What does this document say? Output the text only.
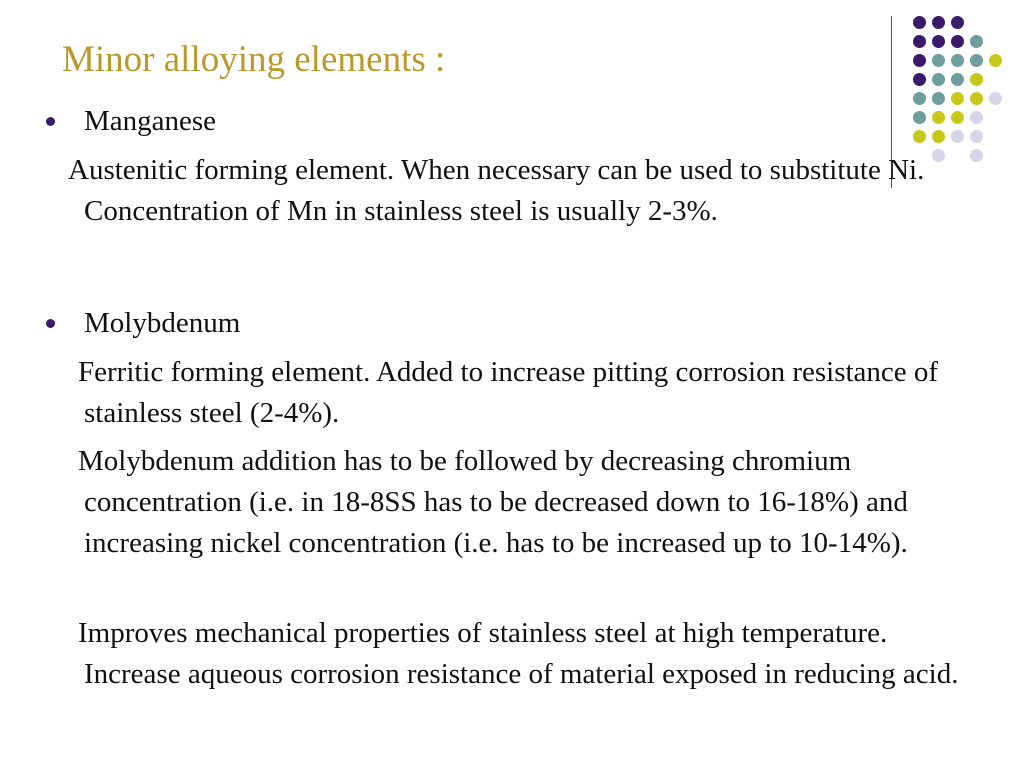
Minor alloying elements :
Manganese

Austenitic forming element. When necessary can be used to substitute Ni. Concentration of Mn in stainless steel is usually 2-3%.

Molybdenum

Ferritic forming element. Added to increase pitting corrosion resistance of stainless steel (2-4%).

Molybdenum addition has to be followed by decreasing chromium concentration (i.e. in 18-8SS has to be decreased down to 16-18%) and increasing nickel concentration (i.e. has to be increased up to 10-14%).

Improves mechanical properties of stainless steel at high temperature. Increase aqueous corrosion resistance of material exposed in reducing acid.
